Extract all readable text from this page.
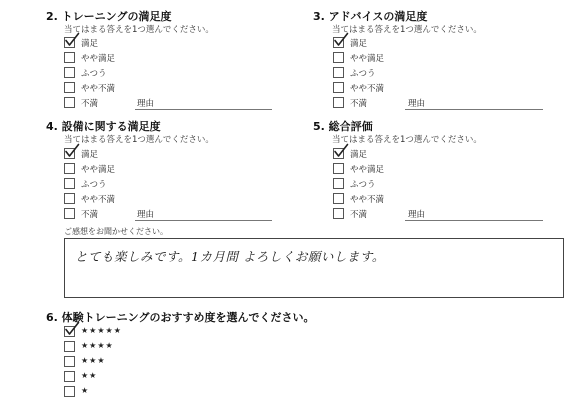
2. トレーニングの満足度
当てはまる答えを1つ選んでください。
満足
やや満足
ふつう
やや不満
不満	理由
3. アドバイスの満足度
当てはまる答えを1つ選んでください。
満足
やや満足
ふつう
やや不満
不満	理由
4. 設備に関する満足度
当てはまる答えを1つ選んでください。
満足
やや満足
ふつう
やや不満
不満	理由
5. 総合評価
当てはまる答えを1つ選んでください。
満足
やや満足
ふつう
やや不満
不満	理由
ご感想をお聞かせください。
とても楽しみです。1カ月間 よろしくお願いします。
6. 体験トレーニングのおすすめ度を選んでください。
★★★★★
★★★★
★★★
★★
★
